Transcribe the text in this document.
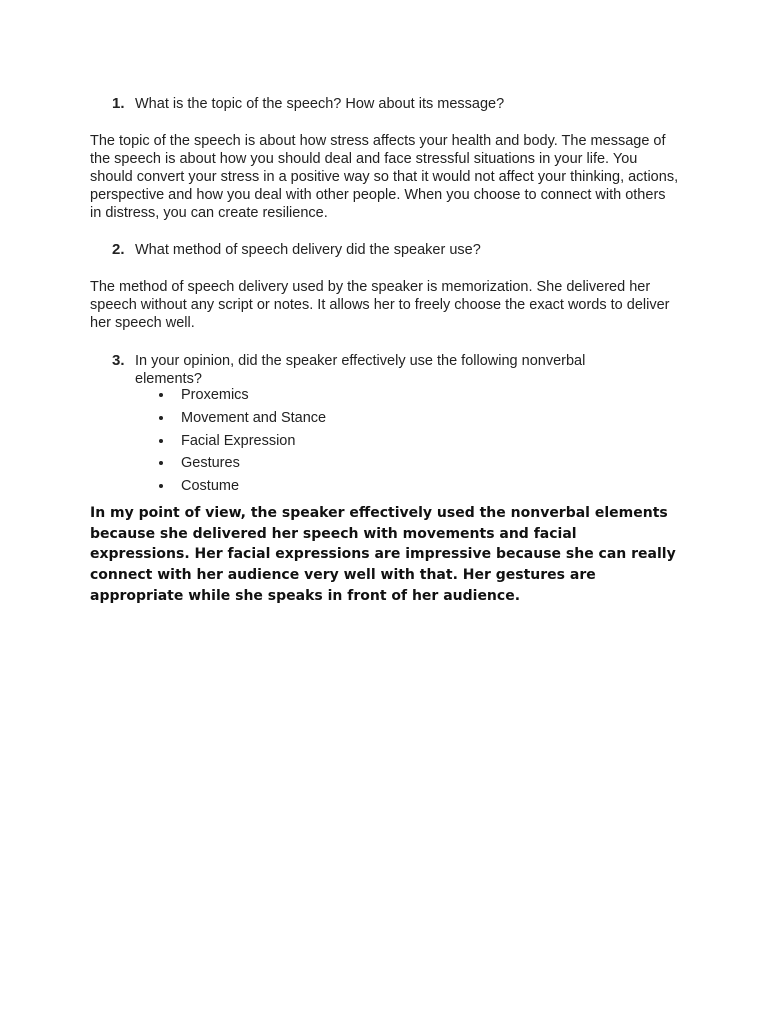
1. What is the topic of the speech? How about its message?
The topic of the speech is about how stress affects your health and body. The message of the speech is about how you should deal and face stressful situations in your life. You should convert your stress in a positive way so that it would not affect your thinking, actions, perspective and how you deal with other people. When you choose to connect with others in distress, you can create resilience.
2. What method of speech delivery did the speaker use?
The method of speech delivery used by the speaker is memorization. She delivered her speech without any script or notes. It allows her to freely choose the exact words to deliver her speech well.
3. In your opinion, did the speaker effectively use the following nonverbal elements?
Proxemics
Movement and Stance
Facial Expression
Gestures
Costume
In my point of view, the speaker effectively used the nonverbal elements because she delivered her speech with movements and facial expressions. Her facial expressions are impressive because she can really connect with her audience very well with that. Her gestures are appropriate while she speaks in front of her audience.
